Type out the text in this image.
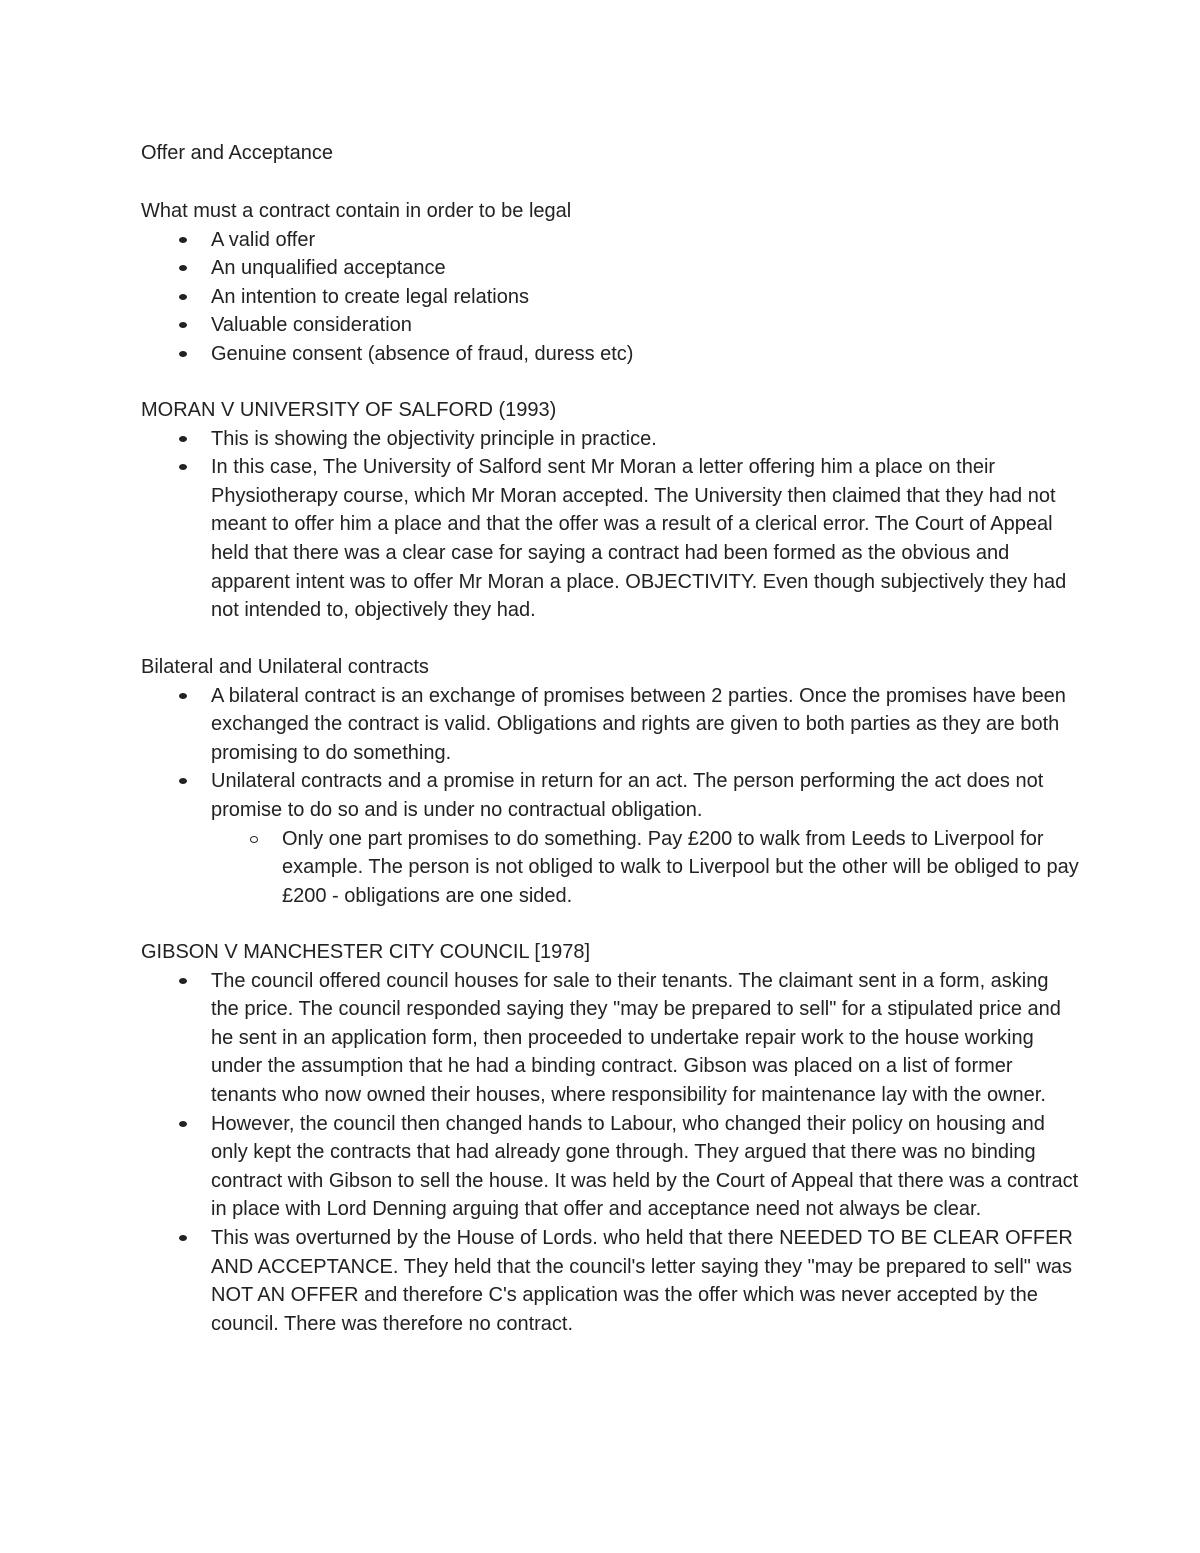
Offer and Acceptance

What must a contract contain in order to be legal

A valid offer
An unqualified acceptance
An intention to create legal relations
Valuable consideration
Genuine consent (absence of fraud, duress etc)

MORAN V UNIVERSITY OF SALFORD (1993)

This is showing the objectivity principle in practice.
In this case, The University of Salford sent Mr Moran a letter offering him a place on their Physiotherapy course, which Mr Moran accepted. The University then claimed that they had not meant to offer him a place and that the offer was a result of a clerical error. The Court of Appeal held that there was a clear case for saying a contract had been formed as the obvious and apparent intent was to offer Mr Moran a place. OBJECTIVITY. Even though subjectively they had not intended to, objectively they had.

Bilateral and Unilateral contracts

A bilateral contract is an exchange of promises between 2 parties. Once the promises have been exchanged the contract is valid. Obligations and rights are given to both parties as they are both promising to do something.
Unilateral contracts and a promise in return for an act. The person performing the act does not promise to do so and is under no contractual obligation.
Only one part promises to do something. Pay £200 to walk from Leeds to Liverpool for example. The person is not obliged to walk to Liverpool but the other will be obliged to pay £200 - obligations are one sided.

GIBSON V MANCHESTER CITY COUNCIL [1978]

The council offered council houses for sale to their tenants. The claimant sent in a form, asking the price. The council responded saying they "may be prepared to sell" for a stipulated price and he sent in an application form, then proceeded to undertake repair work to the house working under the assumption that he had a binding contract. Gibson was placed on a list of former tenants who now owned their houses, where responsibility for maintenance lay with the owner.
However, the council then changed hands to Labour, who changed their policy on housing and only kept the contracts that had already gone through. They argued that there was no binding contract with Gibson to sell the house. It was held by the Court of Appeal that there was a contract in place with Lord Denning arguing that offer and acceptance need not always be clear.
This was overturned by the House of Lords. who held that there NEEDED TO BE CLEAR OFFER AND ACCEPTANCE. They held that the council's letter saying they "may be prepared to sell" was NOT AN OFFER and therefore C's application was the offer which was never accepted by the council. There was therefore no contract.
